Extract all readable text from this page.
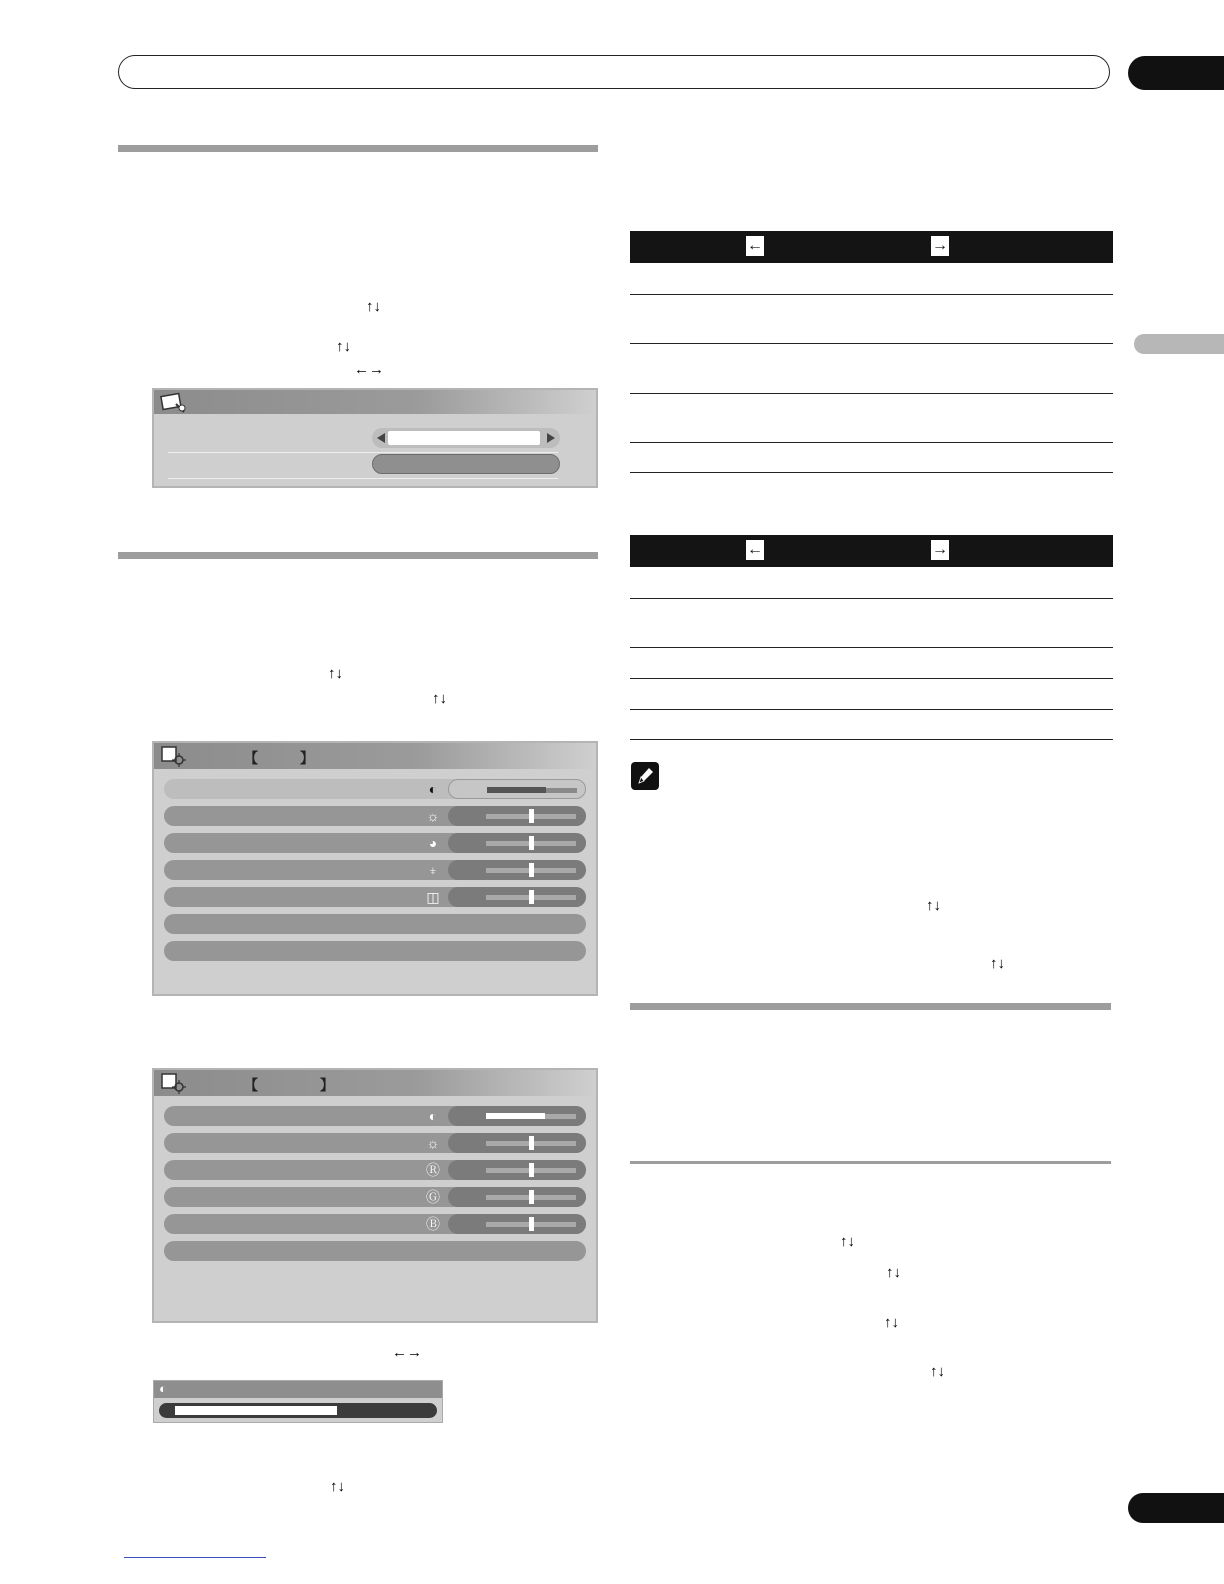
↑↓
↑↓
←→
↑↓
↑↓
←→
↑↓
【	】
◐
☼
◕
⍖
◫
【	】
◐
☼
Ⓡ
Ⓖ
Ⓑ
◐
←	→
←	→
↑↓
↑↓
↑↓
↑↓
↑↓
↑↓
